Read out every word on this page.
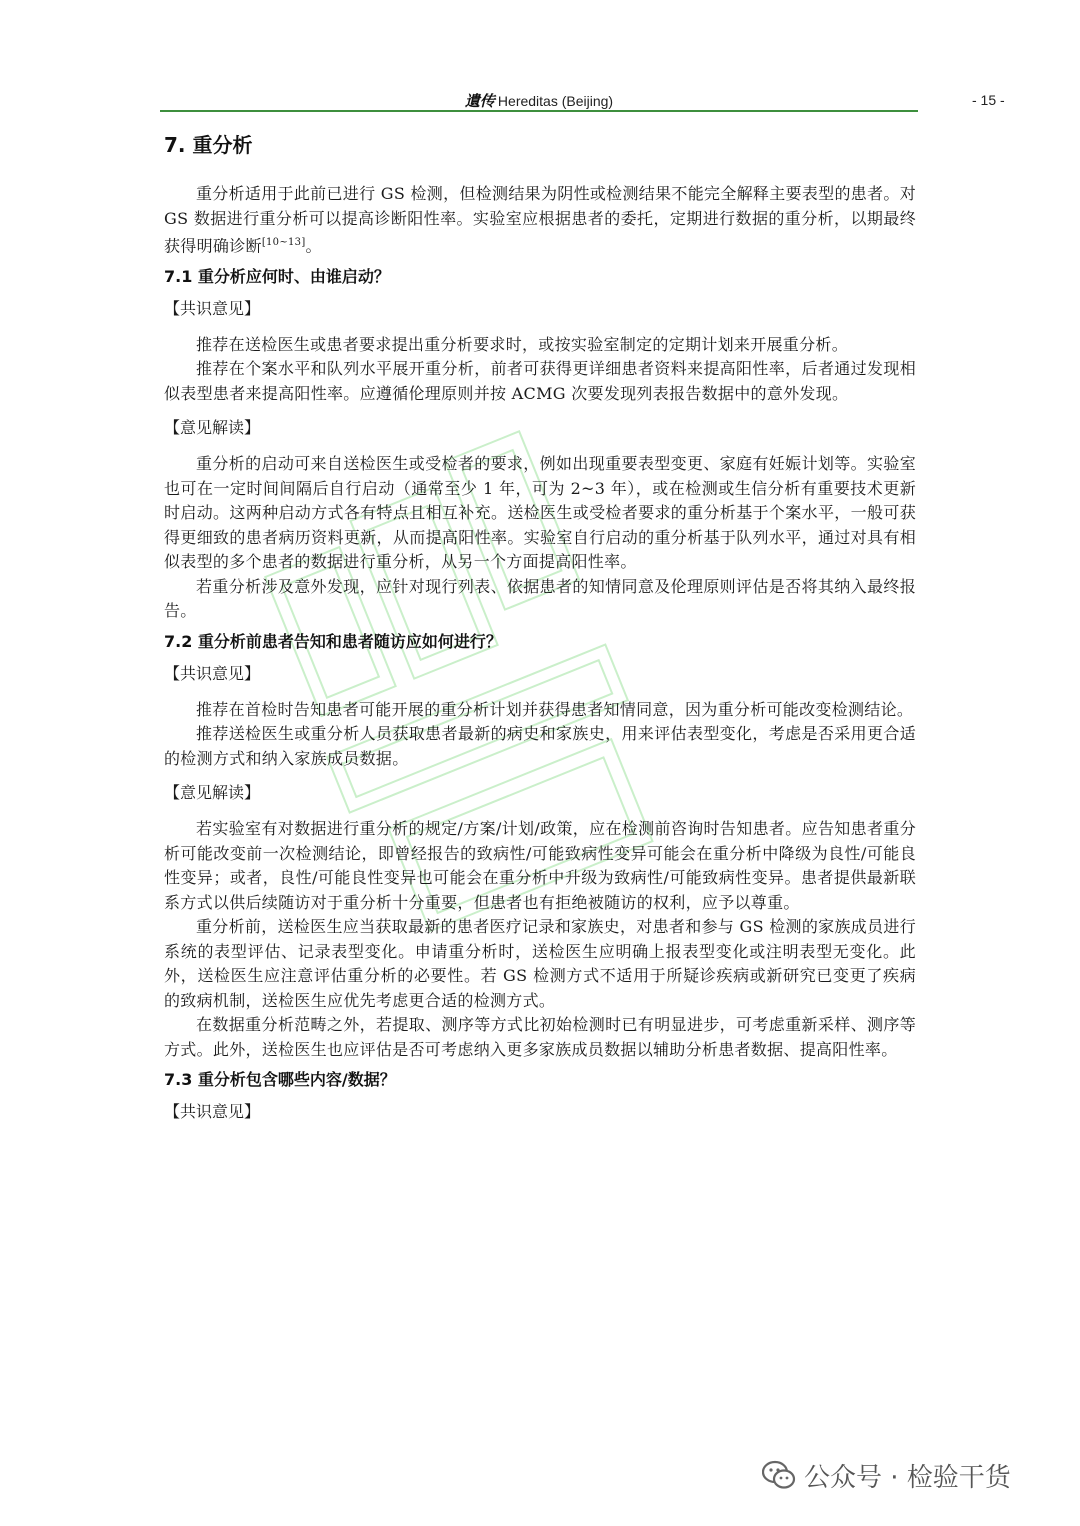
遺传 Hereditas (Beijing)	- 15 -
7. 重分析

重分析适用于此前已进行 GS 检测，但检测结果为阴性或检测结果不能完全解释主要表型的患者。对 GS 数据进行重分析可以提高诊断阳性率。实验室应根据患者的委托，定期进行数据的重分析，以期最终获得明确诊断[10~13]。

7.1 重分析应何时、由谁启动？
【共识意见】

推荐在送检医生或患者要求提出重分析要求时，或按实验室制定的定期计划来开展重分析。

推荐在个案水平和队列水平展开重分析，前者可获得更详细患者资料来提高阳性率，后者通过发现相似表型患者来提高阳性率。应遵循伦理原则并按 ACMG 次要发现列表报告数据中的意外发现。

【意见解读】

重分析的启动可来自送检医生或受检者的要求，例如出现重要表型变更、家庭有妊娠计划等。实验室也可在一定时间间隔后自行启动（通常至少 1 年，可为 2~3 年），或在检测或生信分析有重要技术更新时启动。这两种启动方式各有特点且相互补充。送检医生或受检者要求的重分析基于个案水平，一般可获得更细致的患者病历资料更新，从而提高阳性率。实验室自行启动的重分析基于队列水平，通过对具有相似表型的多个患者的数据进行重分析，从另一个方面提高阳性率。

若重分析涉及意外发现，应针对现行列表、依据患者的知情同意及伦理原则评估是否将其纳入最终报告。

7.2 重分析前患者告知和患者随访应如何进行？
【共识意见】

推荐在首检时告知患者可能开展的重分析计划并获得患者知情同意，因为重分析可能改变检测结论。

推荐送检医生或重分析人员获取患者最新的病史和家族史，用来评估表型变化，考虑是否采用更合适的检测方式和纳入家族成员数据。

【意见解读】

若实验室有对数据进行重分析的规定/方案/计划/政策，应在检测前咨询时告知患者。应告知患者重分析可能改变前一次检测结论，即曾经报告的致病性/可能致病性变异可能会在重分析中降级为良性/可能良性变异；或者，良性/可能良性变异也可能会在重分析中升级为致病性/可能致病性变异。患者提供最新联系方式以供后续随访对于重分析十分重要，但患者也有拒绝被随访的权利，应予以尊重。

重分析前，送检医生应当获取最新的患者医疗记录和家族史，对患者和参与 GS 检测的家族成员进行系统的表型评估、记录表型变化。申请重分析时，送检医生应明确上报表型变化或注明表型无变化。此外，送检医生应注意评估重分析的必要性。若 GS 检测方式不适用于所疑诊疾病或新研究已变更了疾病的致病机制，送检医生应优先考虑更合适的检测方式。

在数据重分析范畴之外，若提取、测序等方式比初始检测时已有明显进步，可考虑重新采样、测序等方式。此外，送检医生也应评估是否可考虑纳入更多家族成员数据以辅助分析患者数据、提高阳性率。

7.3 重分析包含哪些内容/数据？
【共识意见】
公众号 · 检验干货
